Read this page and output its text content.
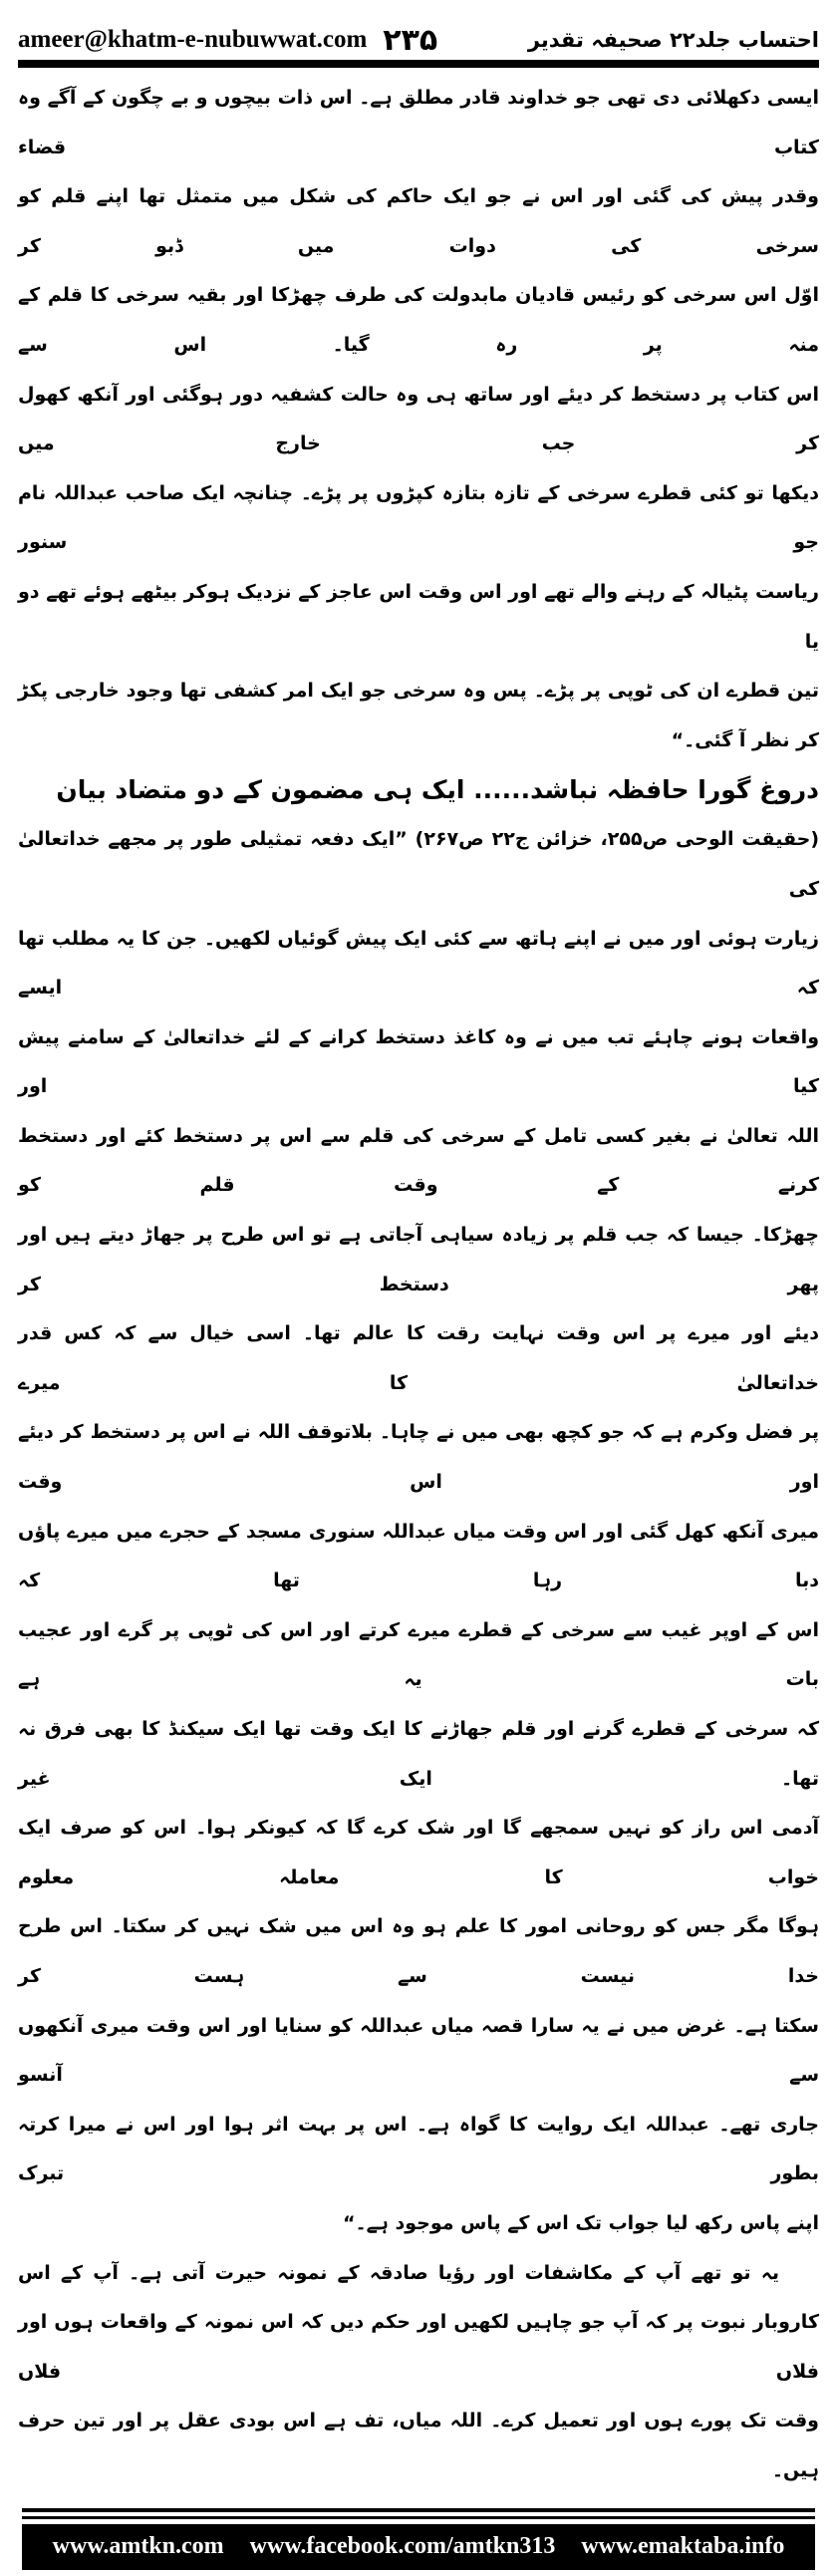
ameer@khatm-e-nubuwwat.com ۲۳۵	احتساب جلد۲۲ صحیفہ تقدیر
ایسی دکھلائی دی تھی جو خداوند قادر مطلق ہے۔ اس ذات بیچوں و بے چگون کے آگے وہ کتاب قضاء
وقدر پیش کی گئی اور اس نے جو ایک حاکم کی شکل میں متمثل تھا اپنے قلم کو سرخی کی دوات میں ڈبو کر
اوّل اس سرخی کو رئیس قادیان مابدولت کی طرف چھڑکا اور بقیہ سرخی کا قلم کے منہ پر رہ گیا۔ اس سے
اس کتاب پر دستخط کر دیئے اور ساتھ ہی وہ حالت کشفیہ دور ہوگئی اور آنکھ کھول کر جب خارج میں
دیکھا تو کئی قطرے سرخی کے تازہ بتازہ کپڑوں پر پڑے۔ چنانچہ ایک صاحب عبداللہ نام جو سنور
ریاست پٹیالہ کے رہنے والے تھے اور اس وقت اس عاجز کے نزدیک ہوکر بیٹھے ہوئے تھے دو یا
تین قطرے ان کی ٹوپی پر پڑے۔ پس وہ سرخی جو ایک امر کشفی تھا وجود خارجی پکڑ کر نظر آ گئی۔“
دروغ گورا حافظہ نباشد...... ایک ہی مضمون کے دو متضاد بیان
(حقیقت الوحی ص۲۵۵، خزائن ج۲۲ ص۲۶۷) ”ایک دفعہ تمثیلی طور پر مجھے خداتعالیٰ کی
زیارت ہوئی اور میں نے اپنے ہاتھ سے کئی ایک پیش گوئیاں لکھیں۔ جن کا یہ مطلب تھا کہ ایسے
واقعات ہونے چاہئے تب میں نے وہ کاغذ دستخط کرانے کے لئے خداتعالیٰ کے سامنے پیش کیا اور
اللہ تعالیٰ نے بغیر کسی تامل کے سرخی کی قلم سے اس پر دستخط کئے اور دستخط کرنے کے وقت قلم کو
چھڑکا۔ جیسا کہ جب قلم پر زیادہ سیاہی آجاتی ہے تو اس طرح پر جھاڑ دیتے ہیں اور پھر دستخط کر
دیئے اور میرے پر اس وقت نہایت رقت کا عالم تھا۔ اسی خیال سے کہ کس قدر خداتعالیٰ کا میرے
پر فضل وکرم ہے کہ جو کچھ بھی میں نے چاہا۔ بلاتوقف اللہ نے اس پر دستخط کر دیئے اور اس وقت
میری آنکھ کھل گئی اور اس وقت میاں عبداللہ سنوری مسجد کے حجرے میں میرے پاؤں دبا رہا تھا کہ
اس کے اوپر غیب سے سرخی کے قطرے میرے کرتے اور اس کی ٹوپی پر گرے اور عجیب بات یہ ہے
کہ سرخی کے قطرے گرنے اور قلم جھاڑنے کا ایک وقت تھا ایک سیکنڈ کا بھی فرق نہ تھا۔ ایک غیر
آدمی اس راز کو نہیں سمجھے گا اور شک کرے گا کہ کیونکر ہوا۔ اس کو صرف ایک خواب کا معاملہ معلوم
ہوگا مگر جس کو روحانی امور کا علم ہو وہ اس میں شک نہیں کر سکتا۔ اس طرح خدا نیست سے ہست کر
سکتا ہے۔ غرض میں نے یہ سارا قصہ میاں عبداللہ کو سنایا اور اس وقت میری آنکھوں سے آنسو
جاری تھے۔ عبداللہ ایک روایت کا گواہ ہے۔ اس پر بہت اثر ہوا اور اس نے میرا کرتہ بطور تبرک
اپنے پاس رکھ لیا جواب تک اس کے پاس موجود ہے۔“
یہ تو تھے آپ کے مکاشفات اور رؤیا صادقہ کے نمونہ حیرت آتی ہے۔ آپ کے اس
کاروبار نبوت پر کہ آپ جو چاہیں لکھیں اور حکم دیں کہ اس نمونہ کے واقعات ہوں اور فلاں فلاں
وقت تک پورے ہوں اور تعمیل کرے۔ اللہ میاں، تف ہے اس بودی عقل پر اور تین حرف ہیں۔
www.amtkn.com www.facebook.com/amtkn313 www.emaktaba.info
